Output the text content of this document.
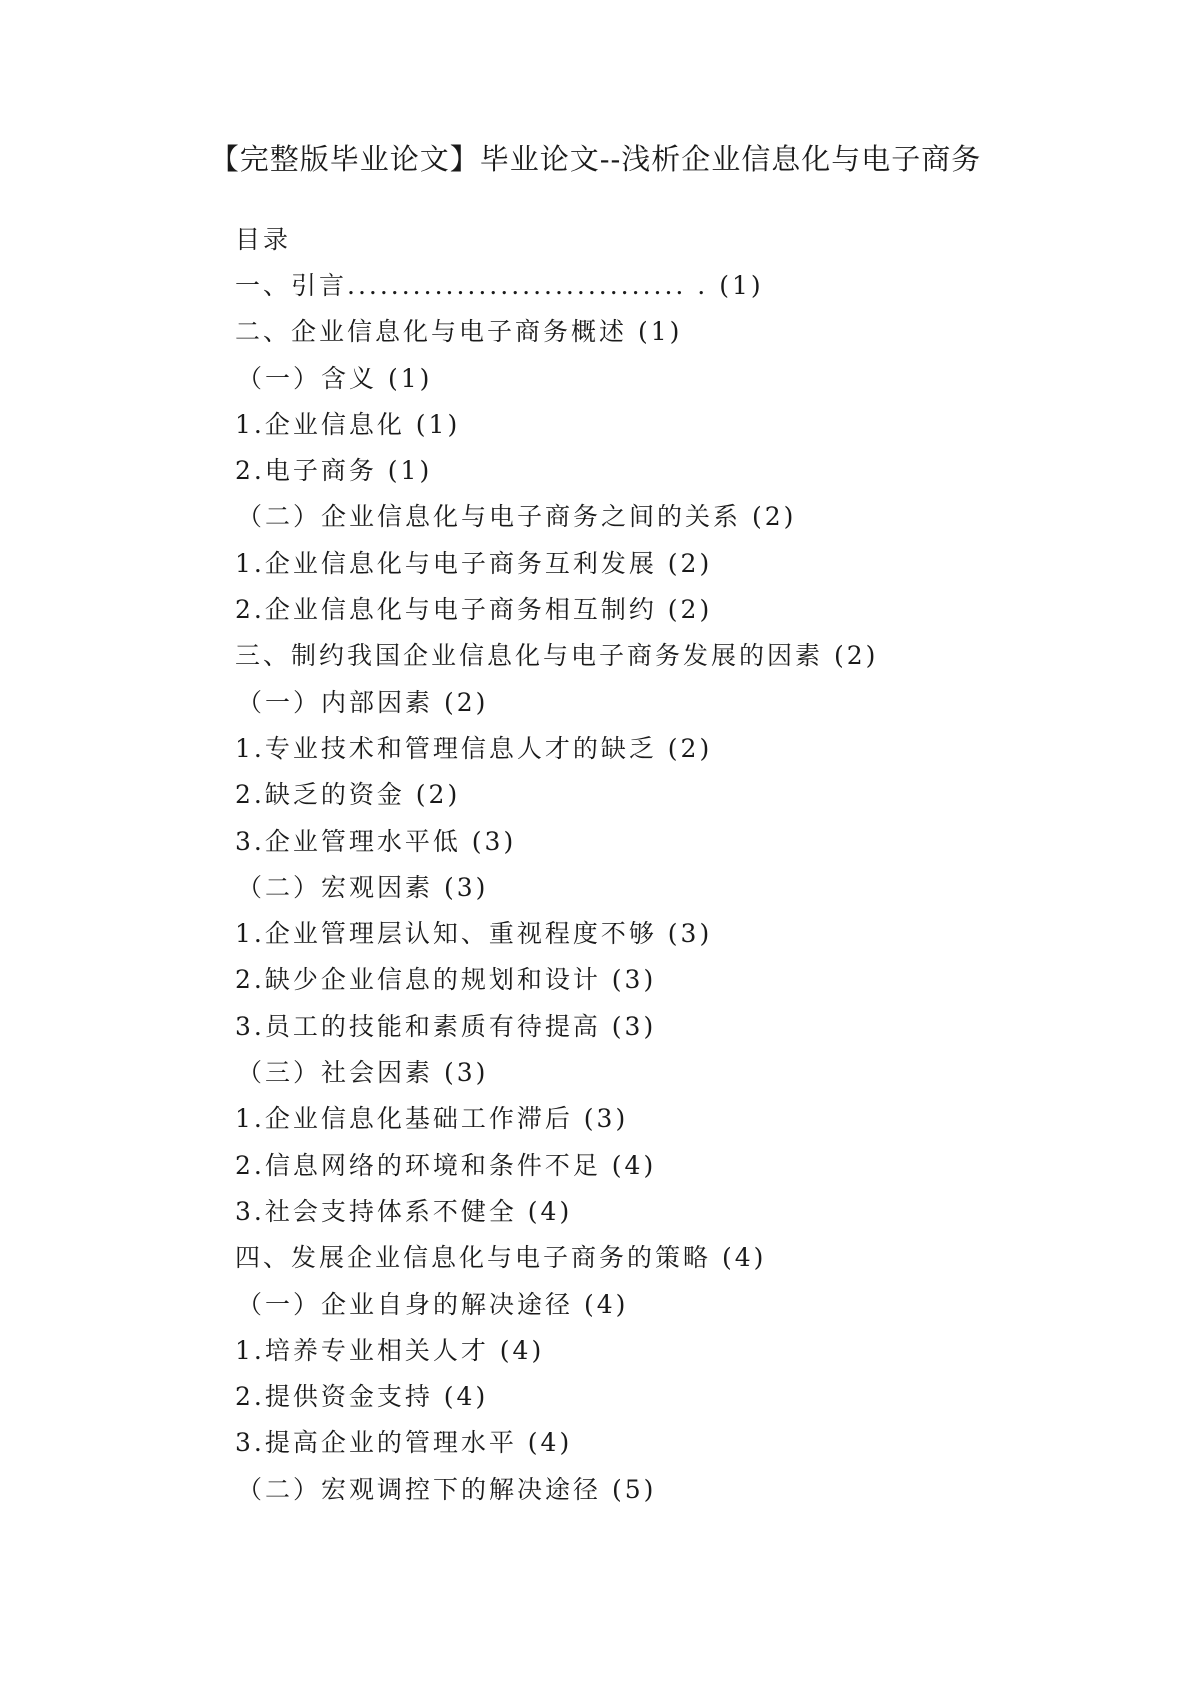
【完整版毕业论文】毕业论文--浅析企业信息化与电子商务
目录
一、引言............................... . (1)
二、企业信息化与电子商务概述 (1)
（一）含义 (1)
1.企业信息化 (1)
2.电子商务 (1)
（二）企业信息化与电子商务之间的关系 (2)
1.企业信息化与电子商务互利发展 (2)
2.企业信息化与电子商务相互制约 (2)
三、制约我国企业信息化与电子商务发展的因素 (2)
（一）内部因素 (2)
1.专业技术和管理信息人才的缺乏 (2)
2.缺乏的资金 (2)
3.企业管理水平低 (3)
（二）宏观因素 (3)
1.企业管理层认知、重视程度不够 (3)
2.缺少企业信息的规划和设计 (3)
3.员工的技能和素质有待提高 (3)
（三）社会因素 (3)
1.企业信息化基础工作滞后 (3)
2.信息网络的环境和条件不足 (4)
3.社会支持体系不健全 (4)
四、发展企业信息化与电子商务的策略 (4)
（一）企业自身的解决途径 (4)
1.培养专业相关人才 (4)
2.提供资金支持 (4)
3.提高企业的管理水平 (4)
（二）宏观调控下的解决途径 (5)
